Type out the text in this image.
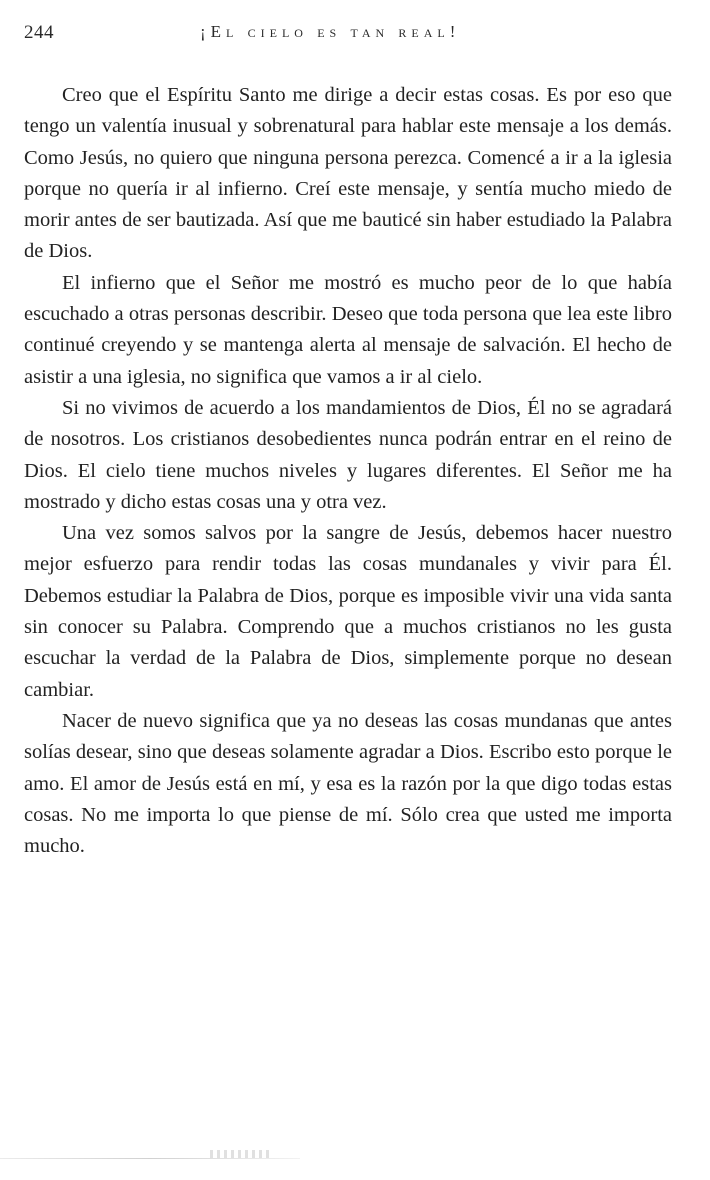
244	¡El cielo es tan real!

Creo que el Espíritu Santo me dirige a decir estas cosas. Es por eso que tengo un valentía inusual y sobrenatural para hablar este mensaje a los demás. Como Jesús, no quiero que ninguna persona perezca. Comencé a ir a la iglesia porque no quería ir al infierno. Creí este mensaje, y sentía mucho miedo de morir antes de ser bautizada. Así que me bauticé sin haber estudiado la Palabra de Dios.

El infierno que el Señor me mostró es mucho peor de lo que había escuchado a otras personas describir. Deseo que toda persona que lea este libro continué creyendo y se mantenga alerta al mensaje de salvación. El hecho de asistir a una iglesia, no significa que vamos a ir al cielo.

Si no vivimos de acuerdo a los mandamientos de Dios, Él no se agradará de nosotros. Los cristianos desobedientes nunca podrán entrar en el reino de Dios. El cielo tiene muchos niveles y lugares diferentes. El Señor me ha mostrado y dicho estas cosas una y otra vez.

Una vez somos salvos por la sangre de Jesús, debemos hacer nuestro mejor esfuerzo para rendir todas las cosas mundanales y vivir para Él. Debemos estudiar la Palabra de Dios, porque es imposible vivir una vida santa sin conocer su Palabra. Comprendo que a muchos cristianos no les gusta escuchar la verdad de la Palabra de Dios, simplemente porque no desean cambiar.

Nacer de nuevo significa que ya no deseas las cosas mundanas que antes solías desear, sino que deseas solamente agradar a Dios. Escribo esto porque le amo. El amor de Jesús está en mí, y esa es la razón por la que digo todas estas cosas. No me importa lo que piense de mí. Sólo crea que usted me importa mucho.
